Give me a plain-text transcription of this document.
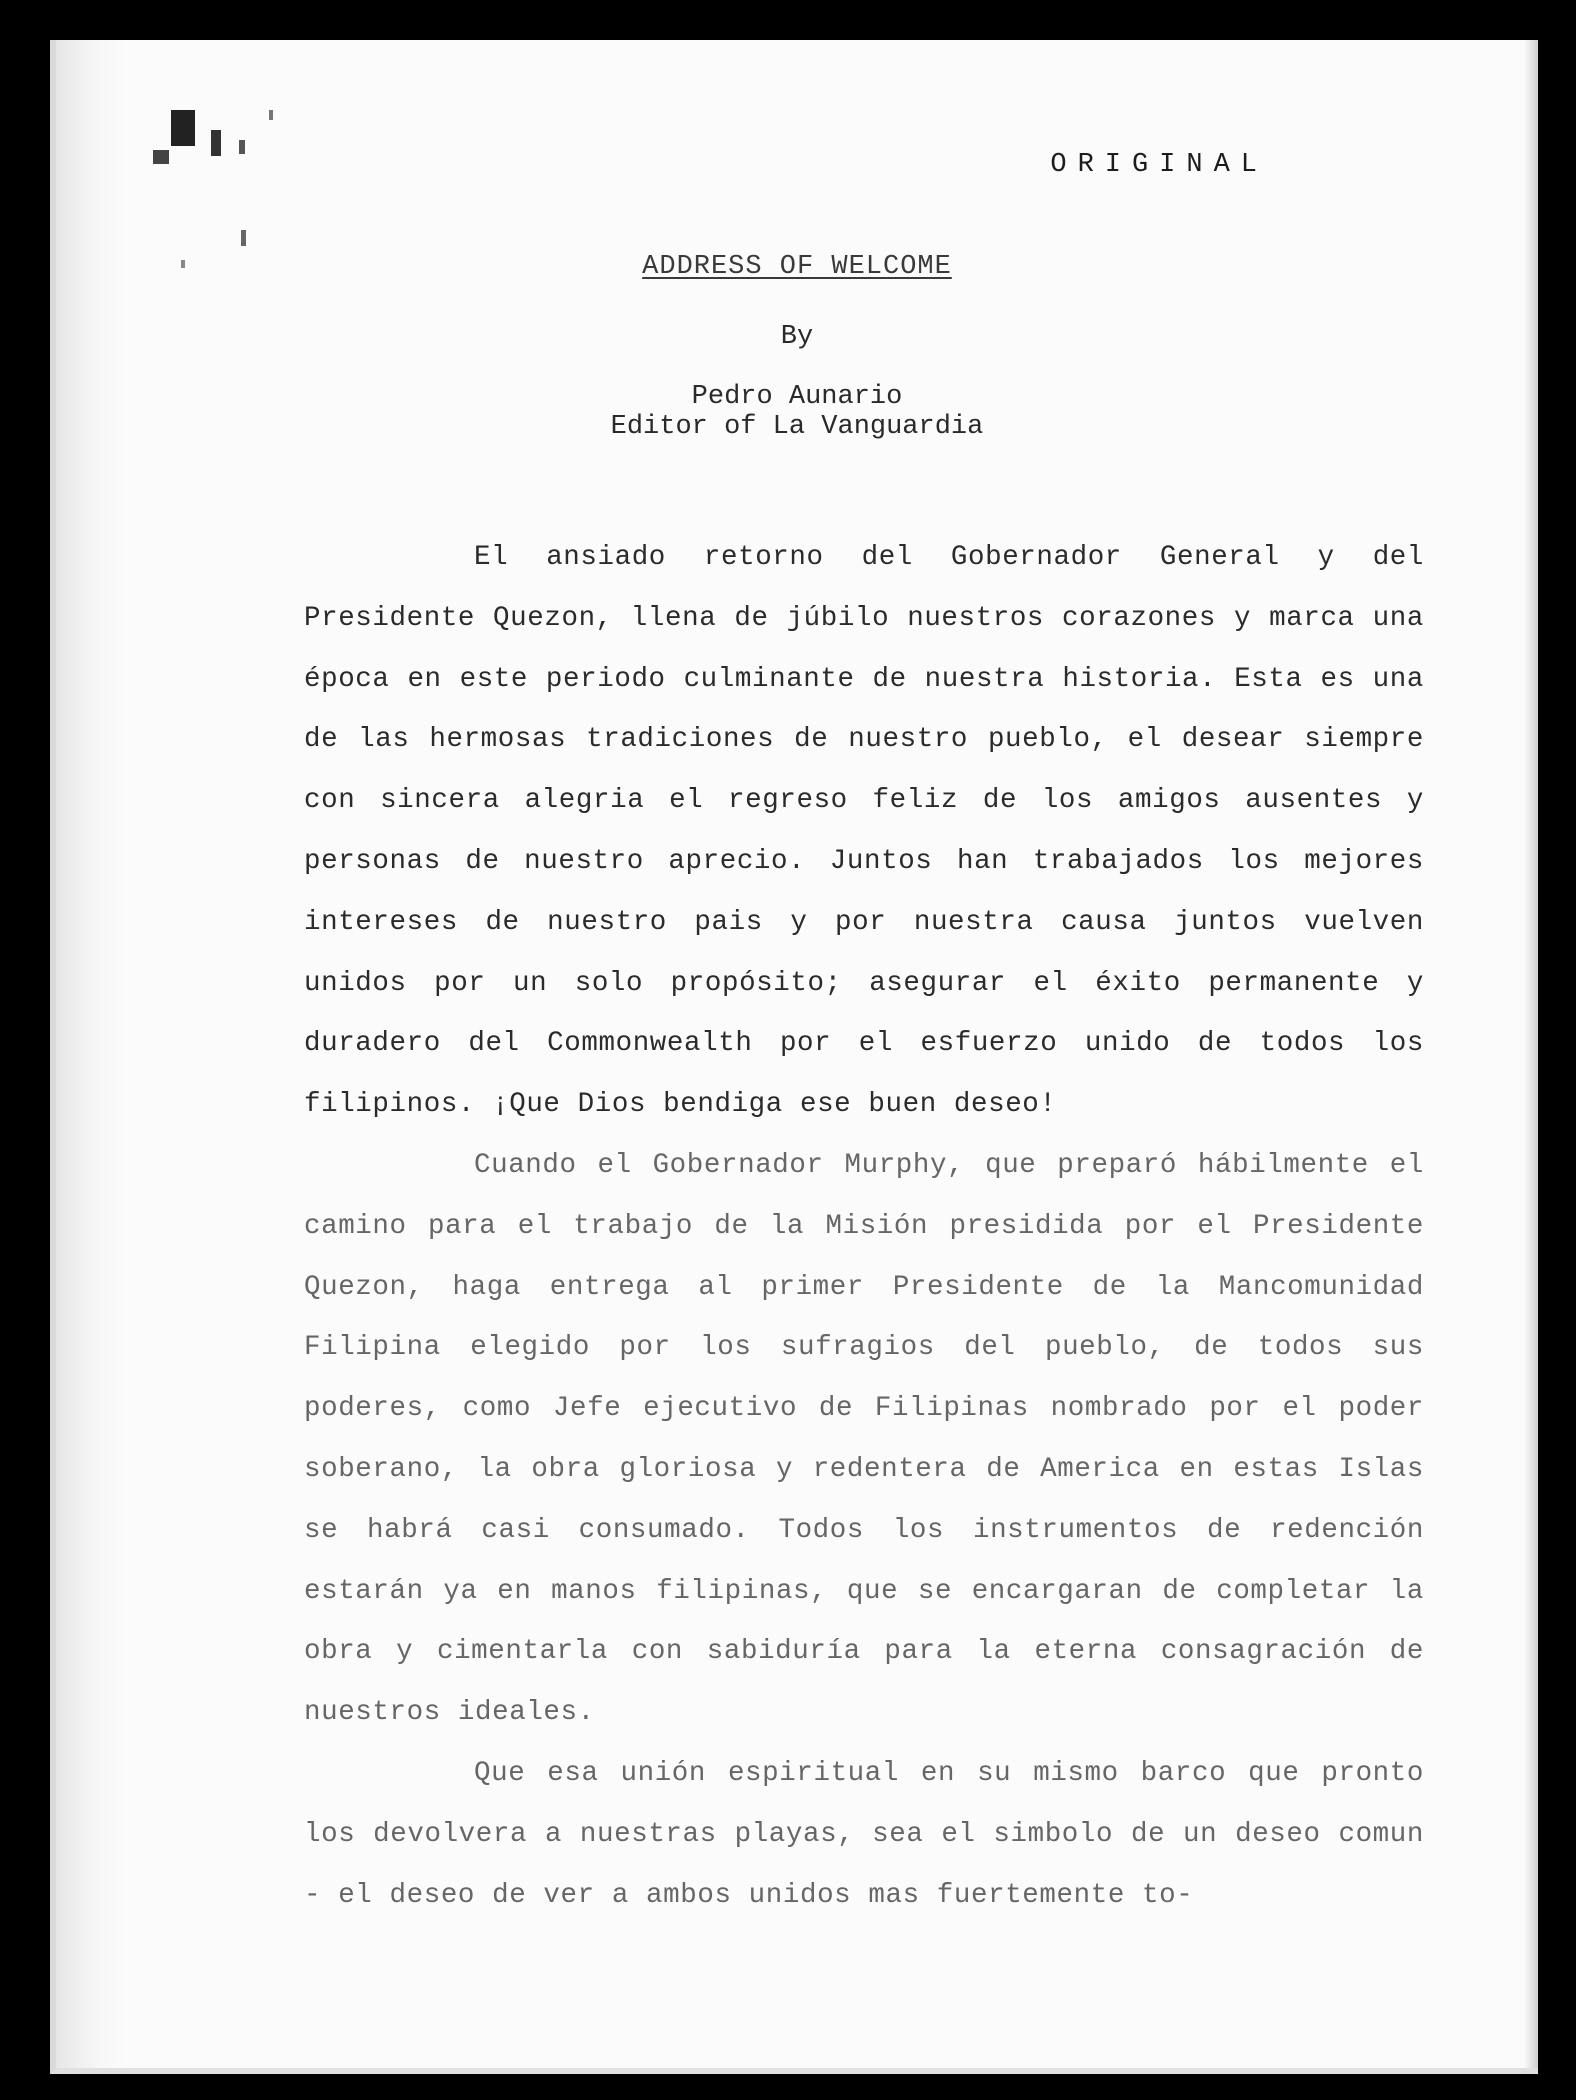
ORIGINAL
ADDRESS OF WELCOME
By
Pedro Aunario
Editor of La Vanguardia

El ansiado retorno del Gobernador General y del Presidente Quezon, llena de júbilo nuestros corazones y marca una época en este periodo culminante de nuestra historia. Esta es una de las hermosas tradiciones de nuestro pueblo, el desear siempre con sincera alegria el regreso feliz de los amigos ausentes y personas de nuestro aprecio. Juntos han trabajados los mejores intereses de nuestro pais y por nuestra causa juntos vuelven unidos por un solo propósito; asegurar el éxito permanente y duradero del Commonwealth por el esfuerzo unido de todos los filipinos. ¡Que Dios bendiga ese buen deseo!

Cuando el Gobernador Murphy, que preparó hábilmente el camino para el trabajo de la Misión presidida por el Presidente Quezon, haga entrega al primer Presidente de la Mancomunidad Filipina elegido por los sufragios del pueblo, de todos sus poderes, como Jefe ejecutivo de Filipinas nombrado por el poder soberano, la obra gloriosa y redentera de America en estas Islas se habrá casi consumado. Todos los instrumentos de redención estarán ya en manos filipinas, que se encargaran de completar la obra y cimentarla con sabiduría para la eterna consagración de nuestros ideales.

Que esa unión espiritual en su mismo barco que pronto los devolvera a nuestras playas, sea el simbolo de un deseo comun - el deseo de ver a ambos unidos mas fuertemente to-
